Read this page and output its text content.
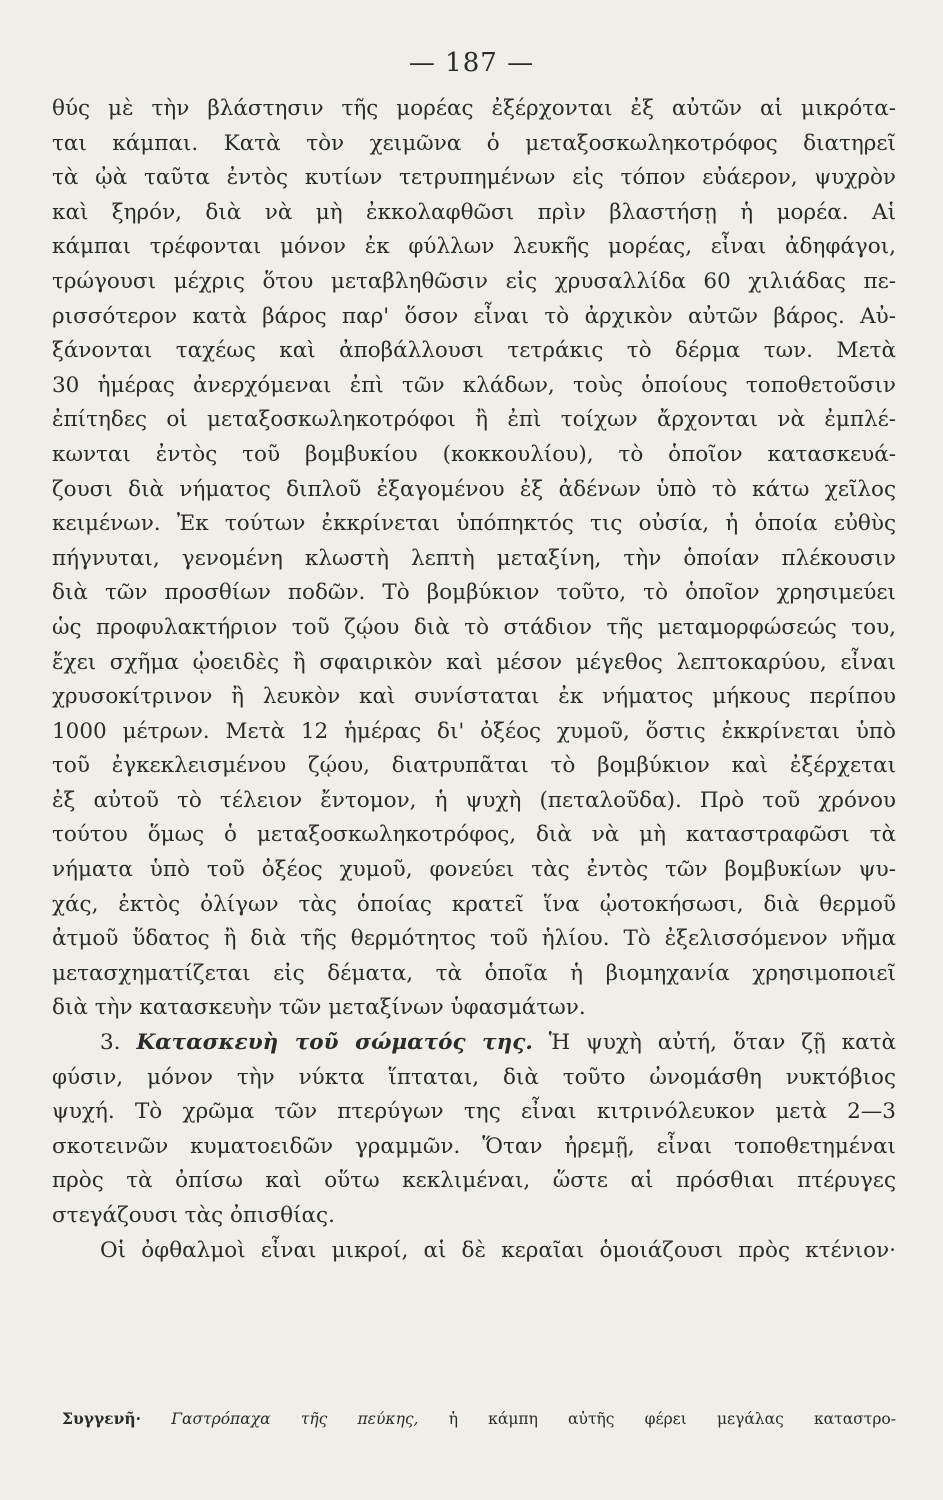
— 187 —
θύς μὲ τὴν βλάστησιν τῆς μορέας ἐξέρχονται ἐξ αὐτῶν αἱ μικρότα-
ται κάμπαι. Κατὰ τὸν χειμῶνα ὁ μεταξοσκωληκοτρόφος διατηρεῖ
τὰ ᾠὰ ταῦτα ἐντὸς κυτίων τετρυπημένων εἰς τόπον εὐάερον, ψυχρὸν
καὶ ξηρόν, διὰ νὰ μὴ ἐκκολαφθῶσι πρὶν βλαστήσῃ ἡ μορέα. Αἱ
κάμπαι τρέφονται μόνον ἐκ φύλλων λευκῆς μορέας, εἶναι ἀδηφάγοι,
τρώγουσι μέχρις ὅτου μεταβληθῶσιν εἰς χρυσαλλίδα 60 χιλιάδας πε-
ρισσότερον κατὰ βάρος παρ' ὅσον εἶναι τὸ ἀρχικὸν αὐτῶν βάρος. Αὐ-
ξάνονται ταχέως καὶ ἀποβάλλουσι τετράκις τὸ δέρμα των. Μετὰ
30 ἡμέρας ἀνερχόμεναι ἐπὶ τῶν κλάδων, τοὺς ὁποίους τοποθετοῦσιν
ἐπίτηδες οἱ μεταξοσκωληκοτρόφοι ἢ ἐπὶ τοίχων ἄρχονται νὰ ἐμπλέ-
κωνται ἐντὸς τοῦ βομβυκίου (κοκκουλίου), τὸ ὁποῖον κατασκευά-
ζουσι διὰ νήματος διπλοῦ ἐξαγομένου ἐξ ἀδένων ὑπὸ τὸ κάτω χεῖλος
κειμένων. Ἐκ τούτων ἐκκρίνεται ὑπόπηκτός τις οὐσία, ἡ ὁποία εὐθὺς
πήγνυται, γενομένη κλωστὴ λεπτὴ μεταξίνη, τὴν ὁποίαν πλέκουσιν
διὰ τῶν προσθίων ποδῶν. Τὸ βομβύκιον τοῦτο, τὸ ὁποῖον χρησιμεύει
ὡς προφυλακτήριον τοῦ ζῴου διὰ τὸ στάδιον τῆς μεταμορφώσεώς του,
ἔχει σχῆμα ᾠοειδὲς ἢ σφαιρικὸν καὶ μέσον μέγεθος λεπτοκαρύου, εἶναι
χρυσοκίτρινον ἢ λευκὸν καὶ συνίσταται ἐκ νήματος μήκους περίπου
1000 μέτρων. Μετὰ 12 ἡμέρας δι' ὀξέος χυμοῦ, ὅστις ἐκκρίνεται ὑπὸ
τοῦ ἐγκεκλεισμένου ζῴου, διατρυπᾶται τὸ βομβύκιον καὶ ἐξέρχεται
ἐξ αὐτοῦ τὸ τέλειον ἔντομον, ἡ ψυχὴ (πεταλοῦδα). Πρὸ τοῦ χρόνου
τούτου ὅμως ὁ μεταξοσκωληκοτρόφος, διὰ νὰ μὴ καταστραφῶσι τὰ
νήματα ὑπὸ τοῦ ὀξέος χυμοῦ, φονεύει τὰς ἐντὸς τῶν βομβυκίων ψυ-
χάς, ἐκτὸς ὀλίγων τὰς ὁποίας κρατεῖ ἵνα ᾠοτοκήσωσι, διὰ θερμοῦ
ἀτμοῦ ὕδατος ἢ διὰ τῆς θερμότητος τοῦ ἡλίου. Τὸ ἐξελισσόμενον νῆμα
μετασχηματίζεται εἰς δέματα, τὰ ὁποῖα ἡ βιομηχανία χρησιμοποιεῖ
διὰ τὴν κατασκευὴν τῶν μεταξίνων ὑφασμάτων.
3. Κατασκευὴ τοῦ σώματός της. Ἡ ψυχὴ αὐτή, ὅταν ζῇ κατὰ
φύσιν, μόνον τὴν νύκτα ἵπταται, διὰ τοῦτο ὠνομάσθη νυκτόβιος
ψυχή. Τὸ χρῶμα τῶν πτερύγων της εἶναι κιτρινόλευκον μετὰ 2—3
σκοτεινῶν κυματοειδῶν γραμμῶν. Ὅταν ἠρεμῇ, εἶναι τοποθετημέναι
πρὸς τὰ ὀπίσω καὶ οὕτω κεκλιμέναι, ὥστε αἱ πρόσθιαι πτέρυγες
στεγάζουσι τὰς ὀπισθίας.
Οἱ ὀφθαλμοὶ εἶναι μικροί, αἱ δὲ κεραῖαι ὁμοιάζουσι πρὸς κτένιον·
Συγγενῆ· Γαστρόπαχα τῆς πεύκης, ἡ κάμπη αὐτῆς φέρει μεγάλας καταστρο-
